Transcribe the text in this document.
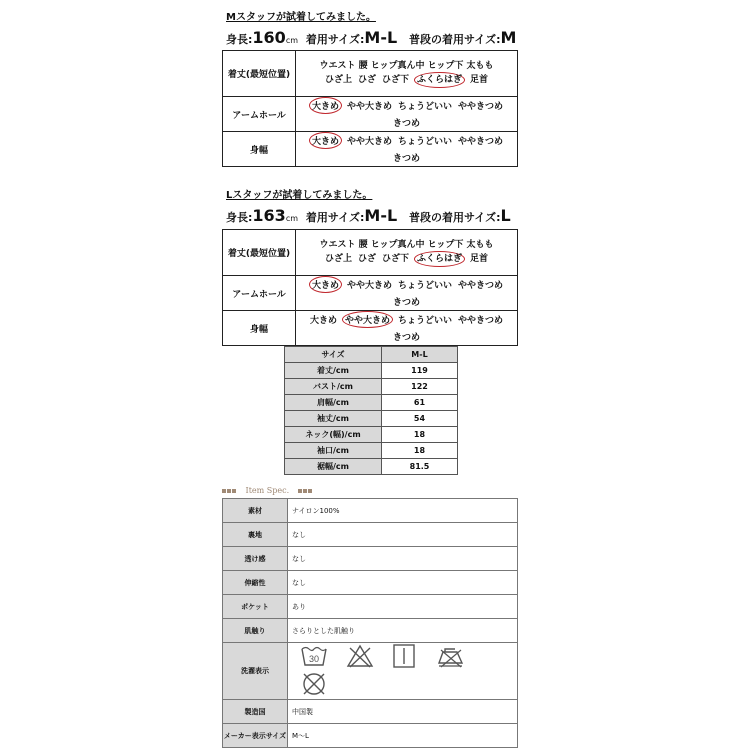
Mスタッフが試着してみました。
身長:160cm 着用サイズ:M-L 普段の着用サイズ:M
着丈(最短位置)	ウエスト 腰 ヒップ真ん中 ヒップ下 太もも
ひざ上 ひざ ひざ下 ふくらはぎ 足首

アームホール	大きめ やや大きめ ちょうどいい ややきつめきつめ
身幅	大きめ やや大きめ ちょうどいい ややきつめきつめ
Lスタッフが試着してみました。
身長:163cm 着用サイズ:M-L 普段の着用サイズ:L
着丈(最短位置)	ウエスト 腰 ヒップ真ん中 ヒップ下 太もも
ひざ上 ひざ ひざ下 ふくらはぎ 足首

アームホール	大きめ やや大きめ ちょうどいい ややきつめきつめ
身幅	大きめ やや大きめ ちょうどいい ややきつめきつめ
サイズ	M-L
着丈/cm	119
バスト/cm	122
肩幅/cm	61
袖丈/cm	54
ネック(幅)/cm	18
袖口/cm	18
裾幅/cm	81.5
Item Spec.
素材	ナイロン100%
裏地	なし
透け感	なし
伸縮性	なし
ポケット	あり
肌触り	さらりとした肌触り
洗濯表示	30

製造国	中国製
メーカー表示サイズ	M～L
